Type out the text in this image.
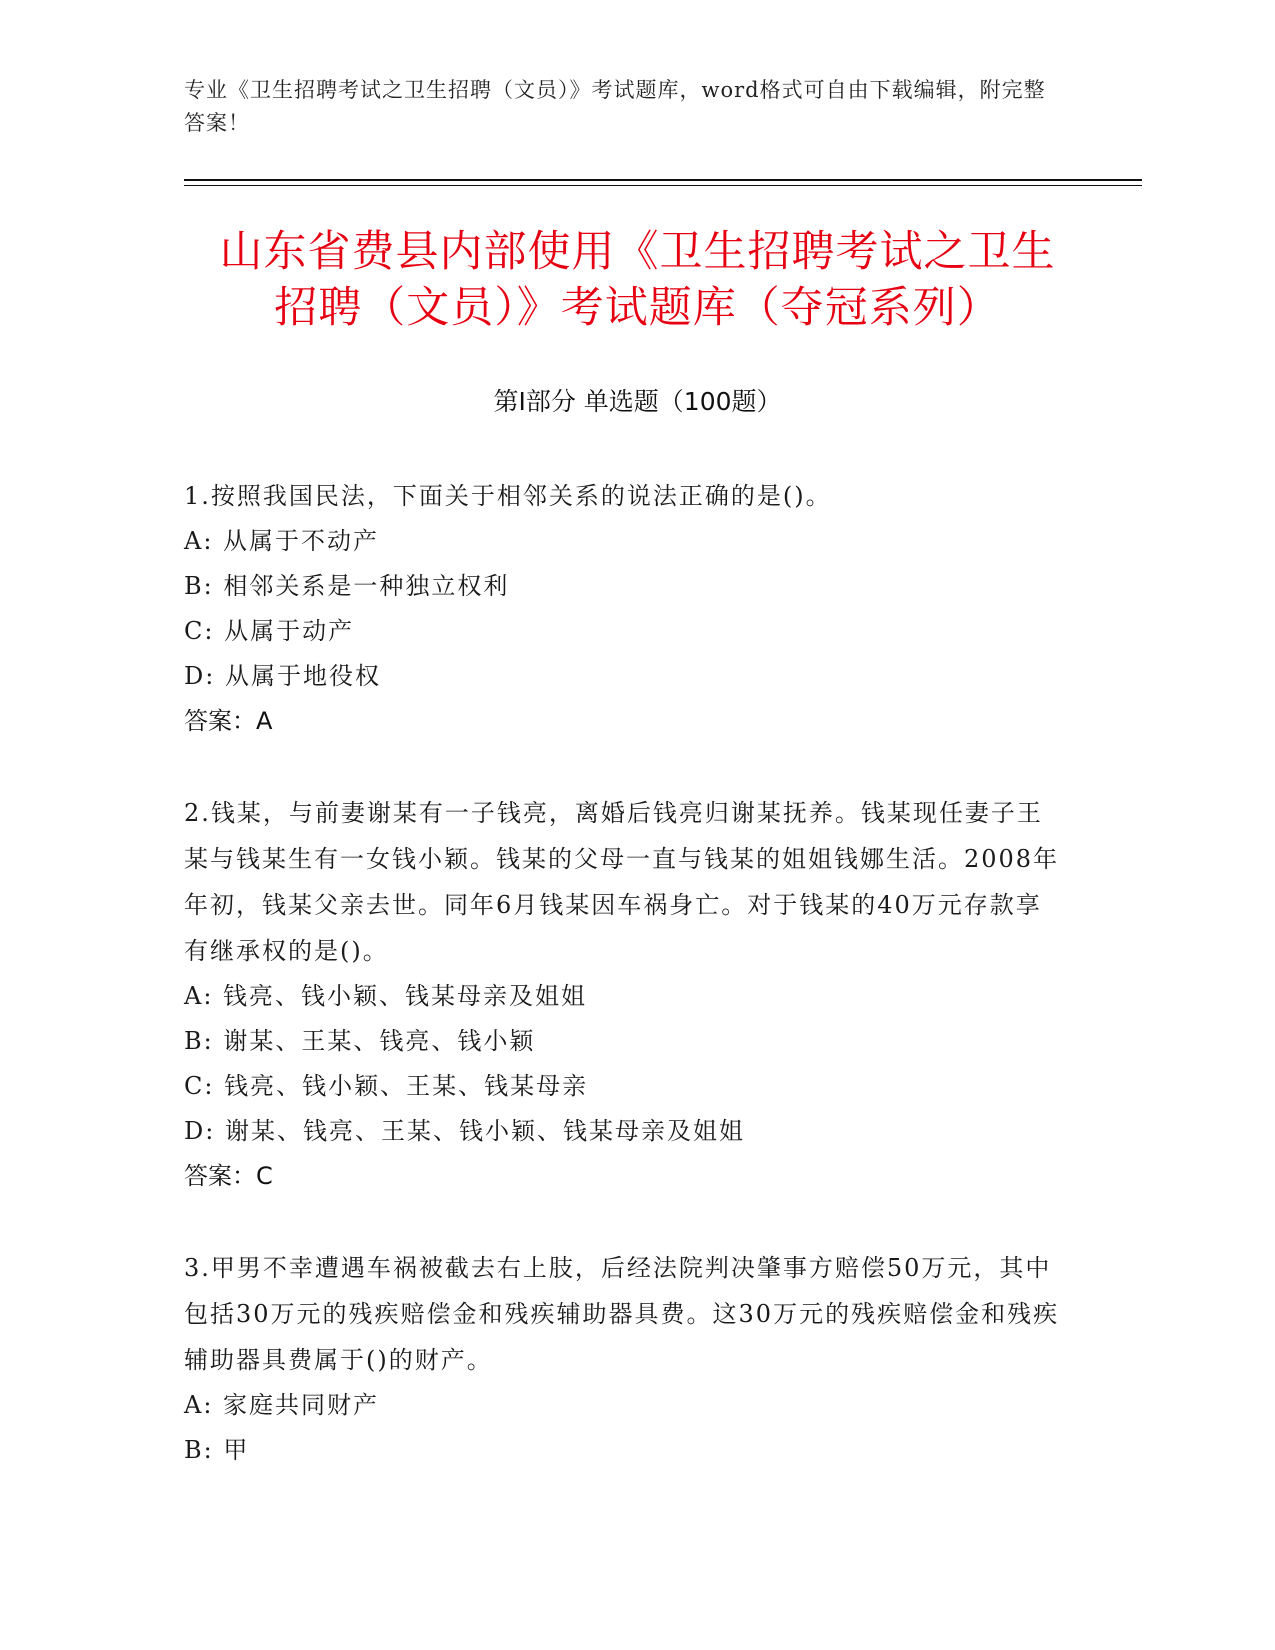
专业《卫生招聘考试之卫生招聘（文员）》考试题库，word格式可自由下载编辑，附完整答案！
山东省费县内部使用《卫生招聘考试之卫生
招聘（文员）》考试题库（夺冠系列）
第Ⅰ部分 单选题（100题）
1.按照我国民法，下面关于相邻关系的说法正确的是()。
A: 从属于不动产
B: 相邻关系是一种独立权利
C: 从属于动产
D: 从属于地役权
答案：A
2.钱某，与前妻谢某有一子钱亮，离婚后钱亮归谢某抚养。钱某现任妻子王某与钱某生有一女钱小颖。钱某的父母一直与钱某的姐姐钱娜生活。2008年年初，钱某父亲去世。同年6月钱某因车祸身亡。对于钱某的40万元存款享有继承权的是()。
A: 钱亮、钱小颖、钱某母亲及姐姐
B: 谢某、王某、钱亮、钱小颖
C: 钱亮、钱小颖、王某、钱某母亲
D: 谢某、钱亮、王某、钱小颖、钱某母亲及姐姐
答案：C
3.甲男不幸遭遇车祸被截去右上肢，后经法院判决肇事方赔偿50万元，其中包括30万元的残疾赔偿金和残疾辅助器具费。这30万元的残疾赔偿金和残疾辅助器具费属于()的财产。
A: 家庭共同财产
B: 甲
